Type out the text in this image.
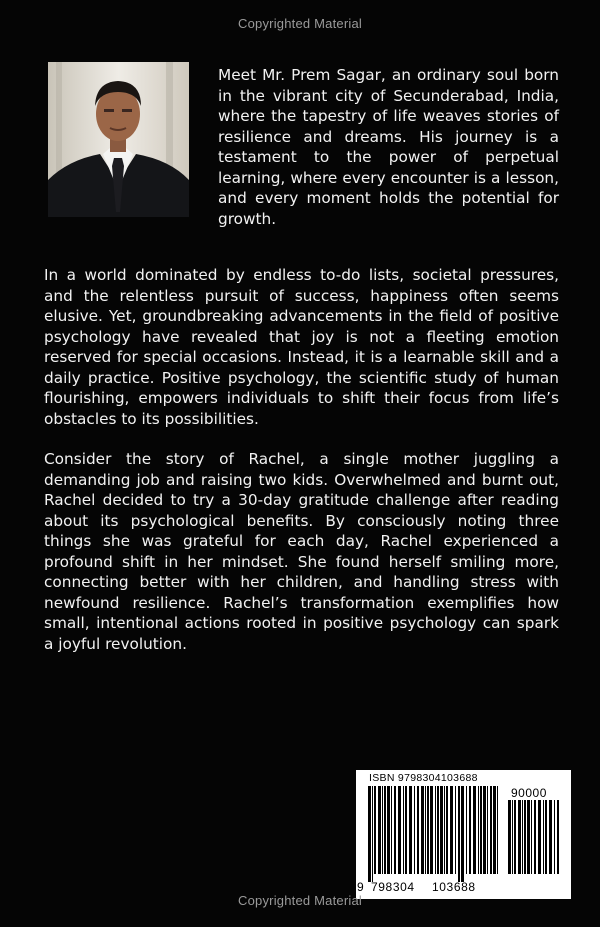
Copyrighted Material

Meet Mr. Prem Sagar, an ordinary soul born in the vibrant city of Secunderabad, India, where the tapestry of life weaves stories of resilience and dreams. His journey is a testament to the power of perpetual learning, where every encounter is a lesson, and every moment holds the potential for growth.

In a world dominated by endless to-do lists, societal pressures, and the relentless pursuit of success, happiness often seems elusive. Yet, groundbreaking advancements in the field of positive psychology have revealed that joy is not a fleeting emotion reserved for special occasions. Instead, it is a learnable skill and a daily practice. Positive psychology, the scientific study of human flourishing, empowers individuals to shift their focus from life’s obstacles to its possibilities.

Consider the story of Rachel, a single mother juggling a demanding job and raising two kids. Overwhelmed and burnt out, Rachel decided to try a 30-day gratitude challenge after reading about its psychological benefits. By consciously noting three things she was grateful for each day, Rachel experienced a profound shift in her mindset. She found herself smiling more, connecting better with her children, and handling stress with newfound resilience. Rachel’s transformation exemplifies how small, intentional actions rooted in positive psychology can spark a joyful revolution.

ISBN 9798304103688
90000
9 798304 103688
Copyrighted Material
